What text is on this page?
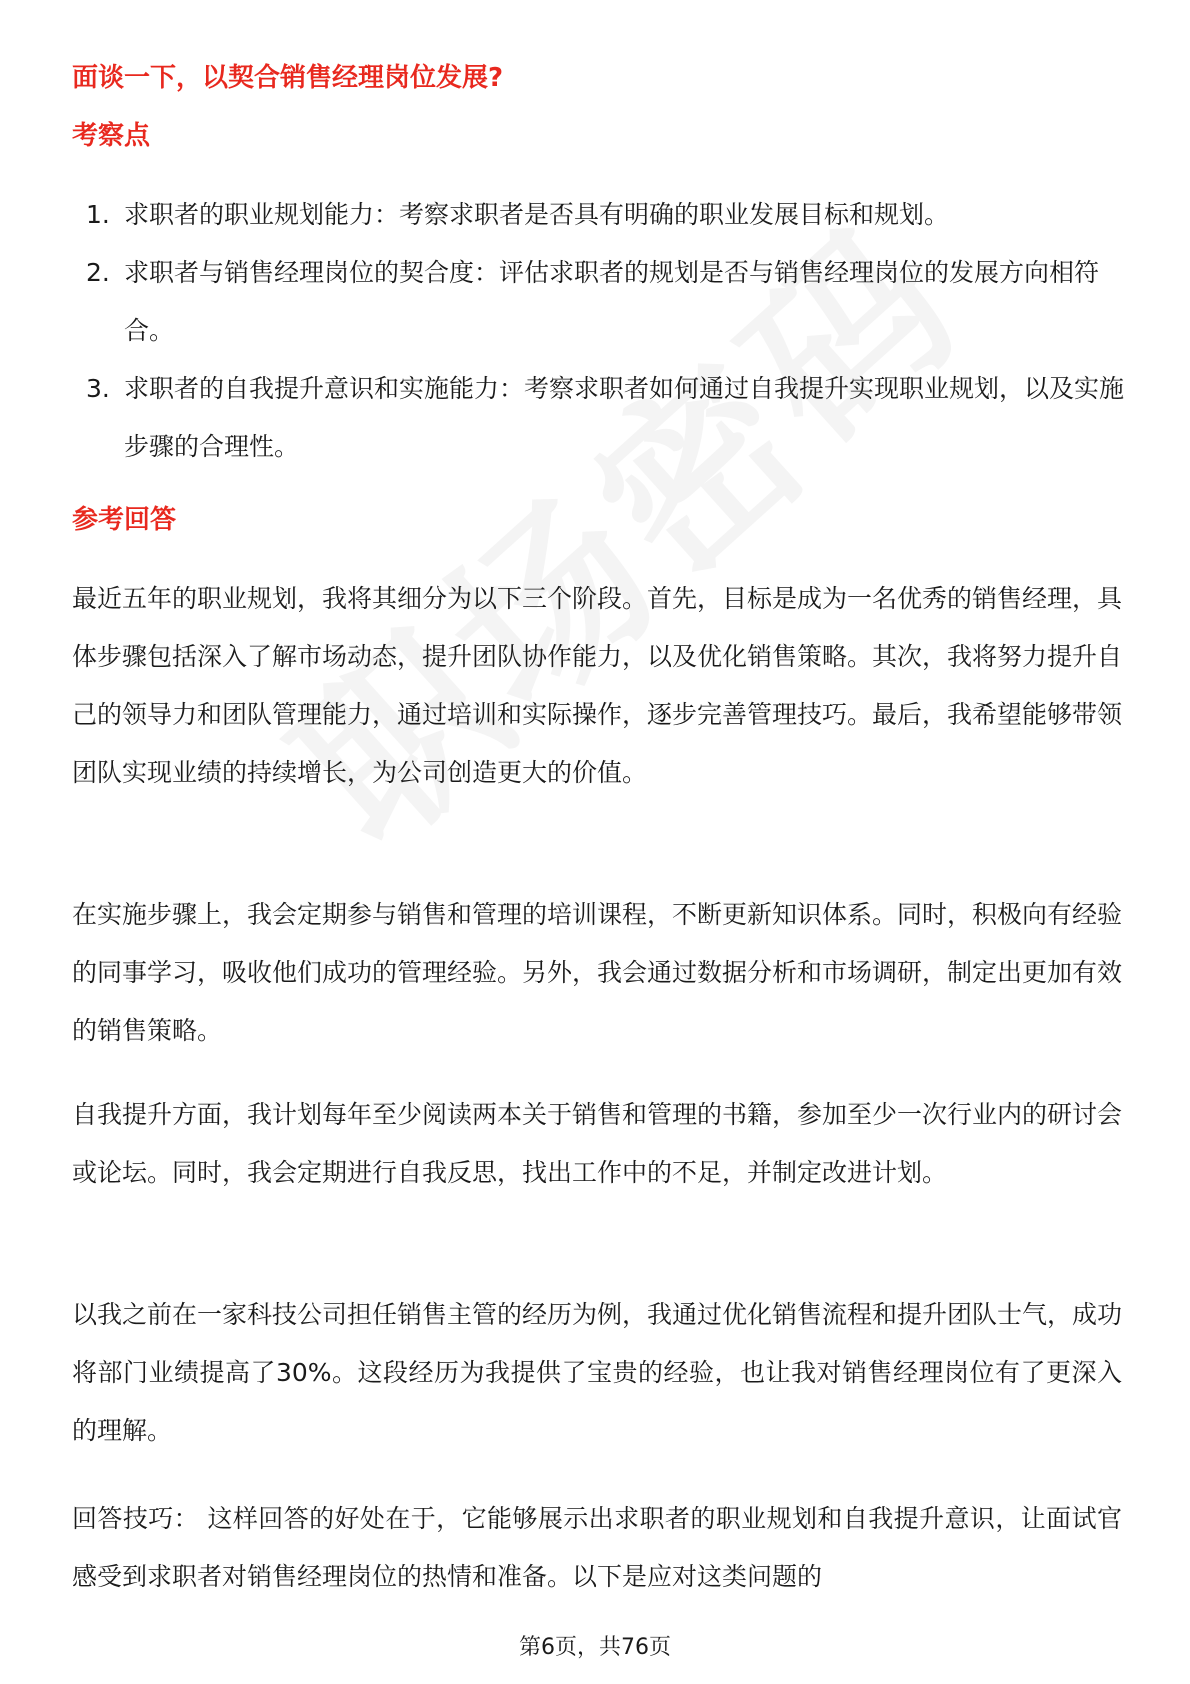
面谈一下，以契合销售经理岗位发展?
考察点
1. 求职者的职业规划能力：考察求职者是否具有明确的职业发展目标和规划。
2. 求职者与销售经理岗位的契合度：评估求职者的规划是否与销售经理岗位的发展方向相符合。
3. 求职者的自我提升意识和实施能力：考察求职者如何通过自我提升实现职业规划，以及实施步骤的合理性。
参考回答

最近五年的职业规划，我将其细分为以下三个阶段。首先，目标是成为一名优秀的销售经理，具体步骤包括深入了解市场动态，提升团队协作能力，以及优化销售策略。其次，我将努力提升自己的领导力和团队管理能力，通过培训和实际操作，逐步完善管理技巧。最后，我希望能够带领团队实现业绩的持续增长，为公司创造更大的价值。

在实施步骤上，我会定期参与销售和管理的培训课程，不断更新知识体系。同时，积极向有经验的同事学习，吸收他们成功的管理经验。另外，我会通过数据分析和市场调研，制定出更加有效的销售策略。

自我提升方面，我计划每年至少阅读两本关于销售和管理的书籍，参加至少一次行业内的研讨会或论坛。同时，我会定期进行自我反思，找出工作中的不足，并制定改进计划。

以我之前在一家科技公司担任销售主管的经历为例，我通过优化销售流程和提升团队士气，成功将部门业绩提高了30%。这段经历为我提供了宝贵的经验，也让我对销售经理岗位有了更深入的理解。

回答技巧： 这样回答的好处在于，它能够展示出求职者的职业规划和自我提升意识，让面试官感受到求职者对销售经理岗位的热情和准备。以下是应对这类问题的

第6页，共76页
